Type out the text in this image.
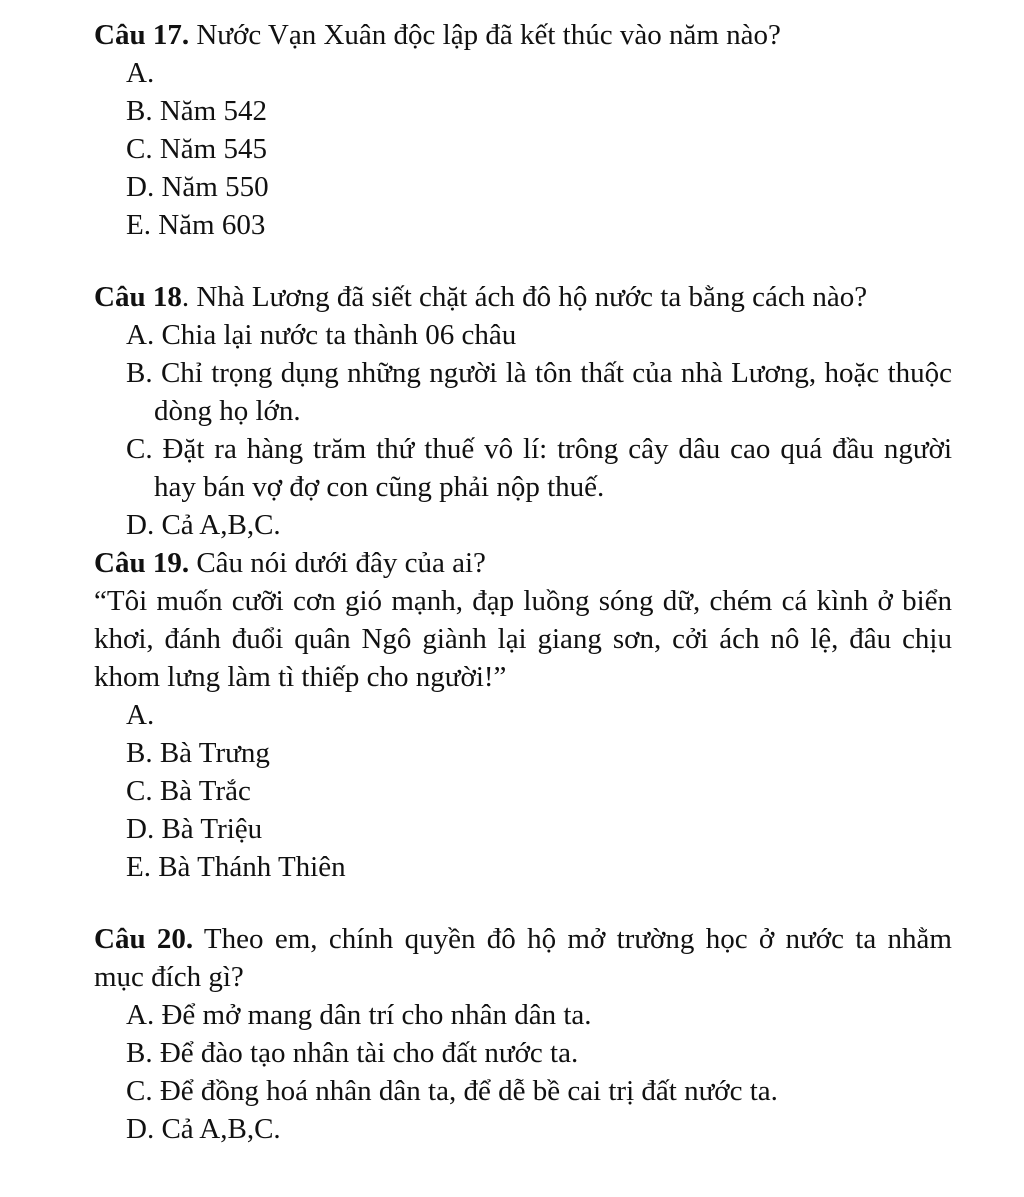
Câu 17. Nước Vạn Xuân độc lập đã kết thúc vào năm nào?

A.

B. Năm 542

C. Năm 545

D. Năm 550

E. Năm 603

Câu 18. Nhà Lương đã siết chặt ách đô hộ nước ta bằng cách nào?

A. Chia lại nước ta thành 06 châu

B. Chỉ trọng dụng những người là tôn thất của nhà Lương, hoặc thuộc dòng họ lớn.

C. Đặt ra hàng trăm thứ thuế vô lí: trông cây dâu cao quá đầu người hay bán vợ đợ con cũng phải nộp thuế.

D. Cả A,B,C.

Câu 19. Câu nói dưới đây của ai?

“Tôi muốn cưỡi cơn gió mạnh, đạp luồng sóng dữ, chém cá kình ở biển khơi, đánh đuổi quân Ngô giành lại giang sơn, cởi ách nô lệ, đâu chịu khom lưng làm tì thiếp cho người!”

A.

B. Bà Trưng

C. Bà Trắc

D. Bà Triệu

E. Bà Thánh Thiên

Câu 20. Theo em, chính quyền đô hộ mở trường học ở nước ta nhằm mục đích gì?

A. Để mở mang dân trí cho nhân dân ta.

B. Để đào tạo nhân tài cho đất nước ta.

C. Để đồng hoá nhân dân ta, để dễ bề cai trị đất nước ta.

D. Cả A,B,C.
